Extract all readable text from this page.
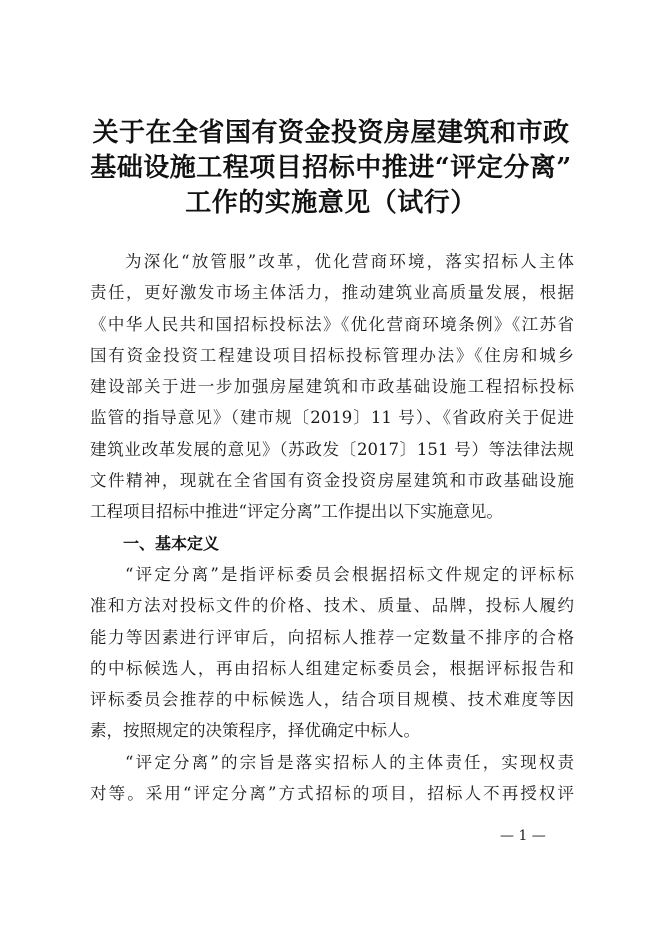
关于在全省国有资金投资房屋建筑和市政
基础设施工程项目招标中推进“评定分离”
工作的实施意见（试行）
为深化“放管服”改革，优化营商环境，落实招标人主体
责任，更好激发市场主体活力，推动建筑业高质量发展，根据
《中华人民共和国招标投标法》《优化营商环境条例》《江苏省
国有资金投资工程建设项目招标投标管理办法》《住房和城乡
建设部关于进一步加强房屋建筑和市政基础设施工程招标投标
监管的指导意见》（建市规〔2019〕11 号）、《省政府关于促进
建筑业改革发展的意见》（苏政发〔2017〕151 号）等法律法规
文件精神，现就在全省国有资金投资房屋建筑和市政基础设施
工程项目招标中推进“评定分离”工作提出以下实施意见。
一、基本定义
“评定分离”是指评标委员会根据招标文件规定的评标标
准和方法对投标文件的价格、技术、质量、品牌，投标人履约
能力等因素进行评审后，向招标人推荐一定数量不排序的合格
的中标候选人，再由招标人组建定标委员会，根据评标报告和
评标委员会推荐的中标候选人，结合项目规模、技术难度等因
素，按照规定的决策程序，择优确定中标人。
“评定分离”的宗旨是落实招标人的主体责任，实现权责
对等。采用“评定分离”方式招标的项目，招标人不再授权评
— 1 —
